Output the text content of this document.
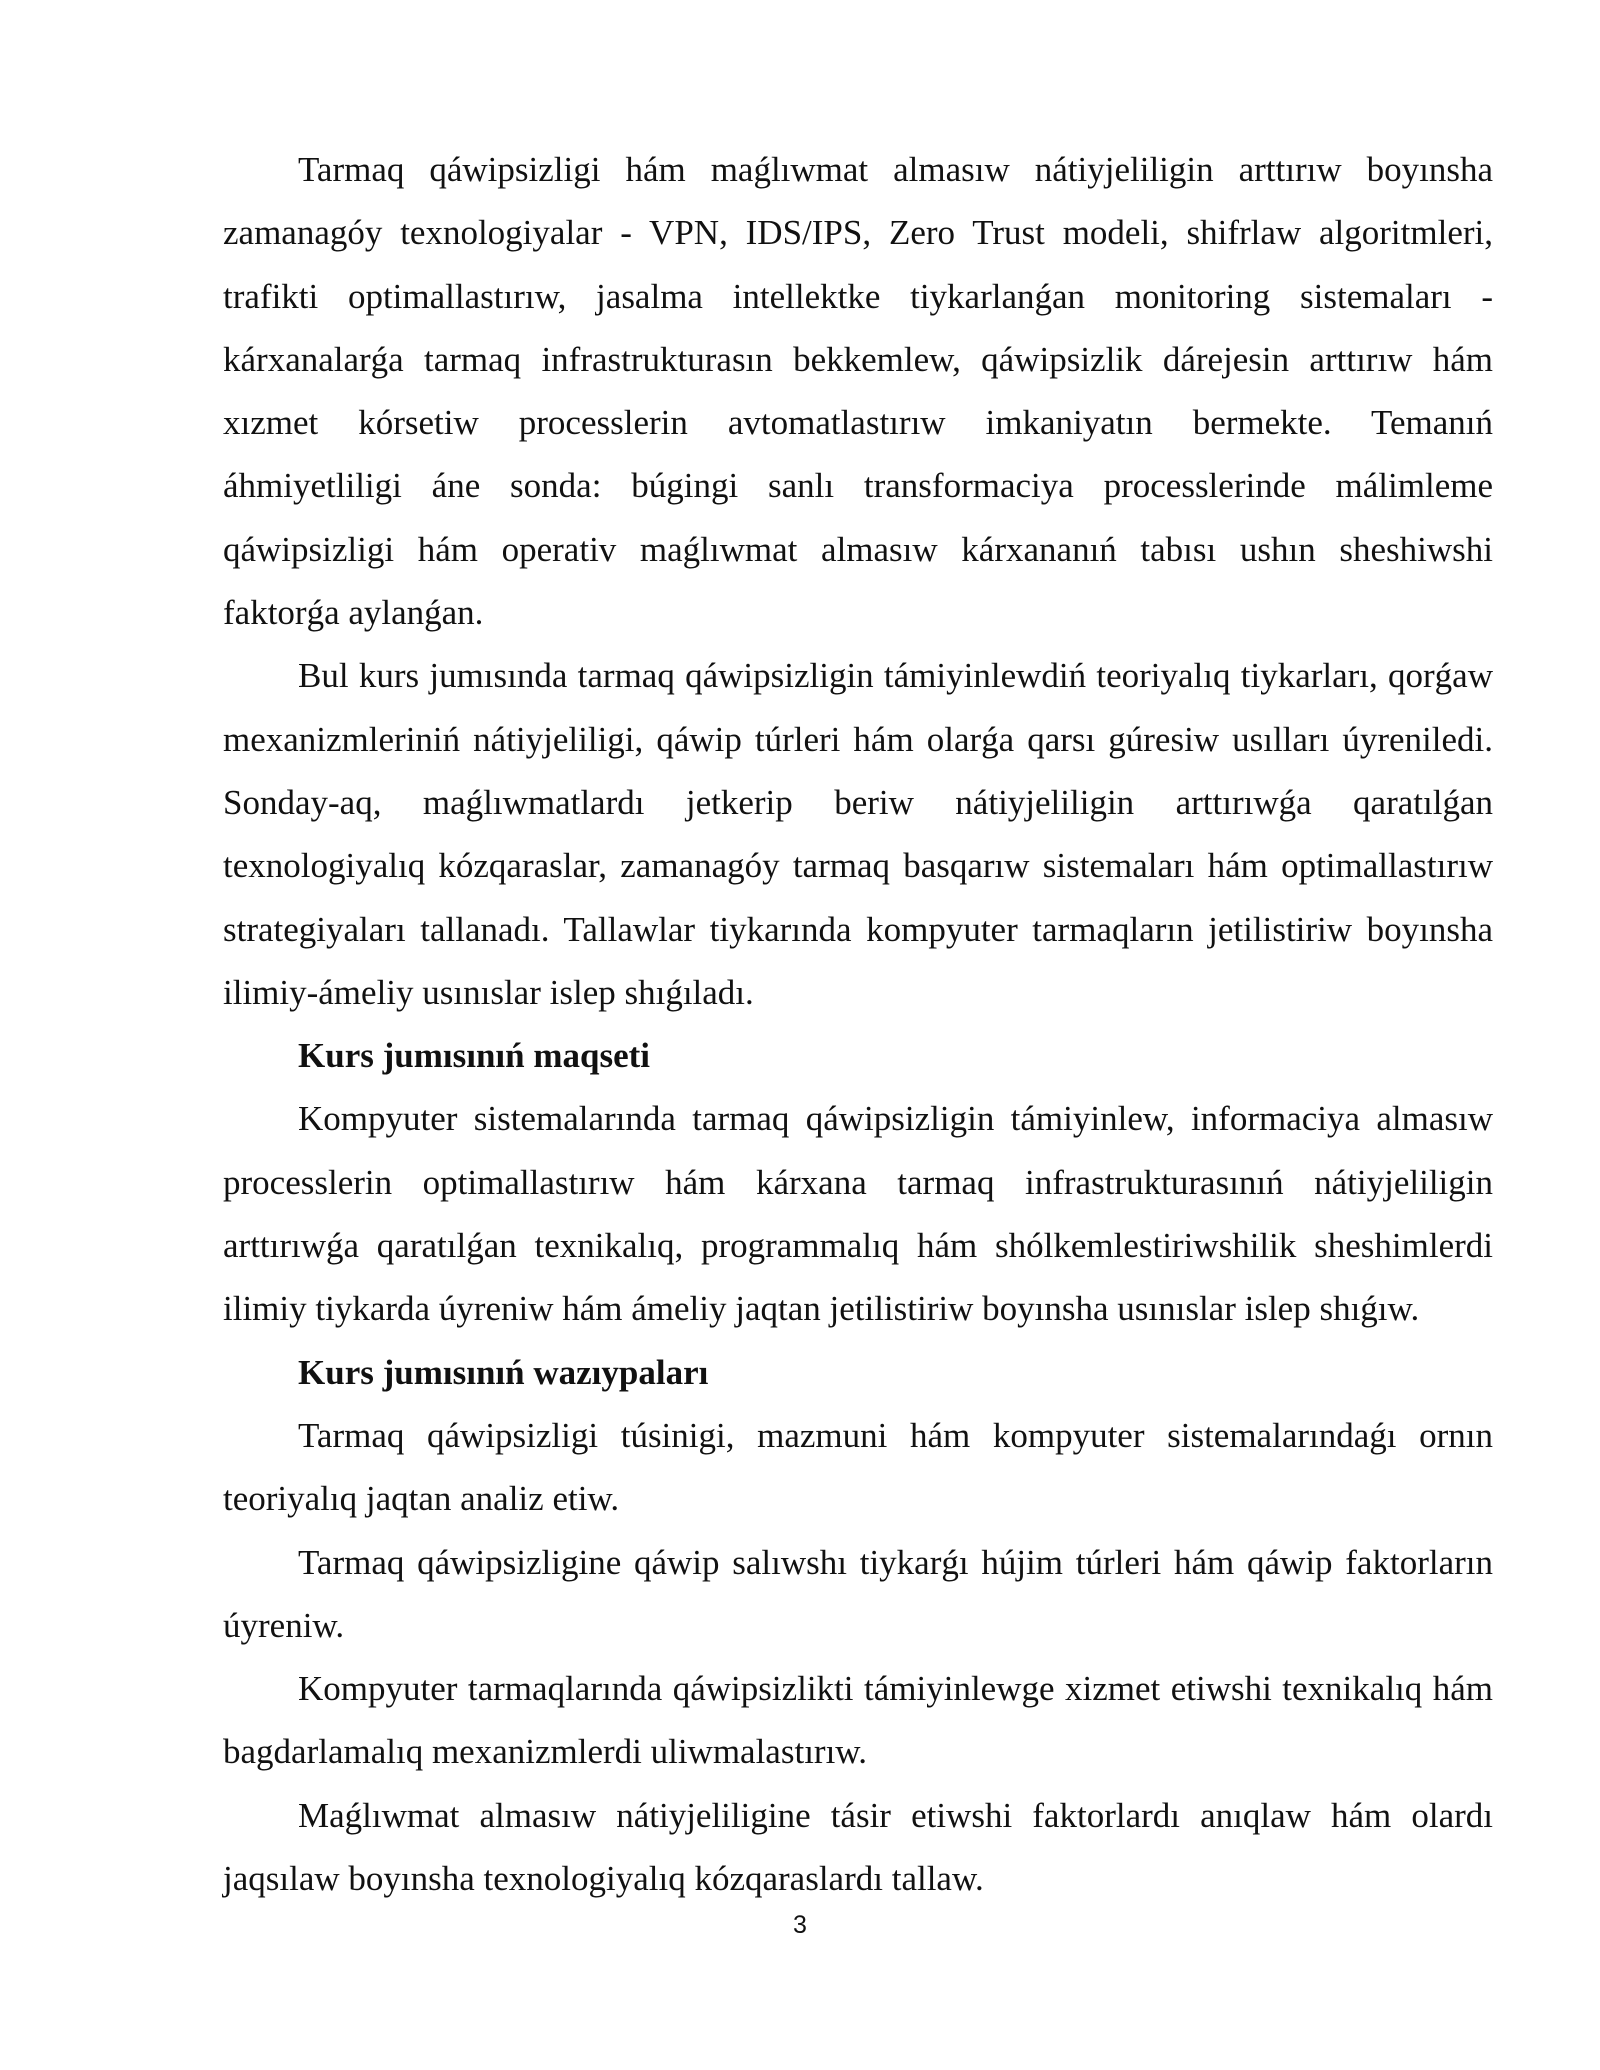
Tarmaq qáwipsizligi hám maǵlıwmat almasıw nátiyjeliligin arttırıw boyınsha zamanagóy texnologiyalar - VPN, IDS/IPS, Zero Trust modeli, shifrlaw algoritmleri, trafikti optimallastırıw, jasalma intellektke tiykarlanǵan monitoring sistemaları - kárxanalarǵa tarmaq infrastrukturasın bekkemlew, qáwipsizlik dárejesin arttırıw hám xızmet kórsetiw processlerin avtomatlastırıw imkaniyatın bermekte. Temanıń áhmiyetliligi áne sonda: búgingi sanlı transformaciya processlerinde málimleme qáwipsizligi hám operativ maǵlıwmat almasıw kárxananıń tabısı ushın sheshiwshi faktorǵa aylanǵan.

Bul kurs jumısında tarmaq qáwipsizligin támiyinlewdiń teoriyalıq tiykarları, qorǵaw mexanizmleriniń nátiyjeliligi, qáwip túrleri hám olarǵa qarsı gúresiw usılları úyreniledi. Sonday-aq, maǵlıwmatlardı jetkerip beriw nátiyjeliligin arttırıwǵa qaratılǵan texnologiyalıq kózqaraslar, zamanagóy tarmaq basqarıw sistemaları hám optimallastırıw strategiyaları tallanadı. Tallawlar tiykarında kompyuter tarmaqların jetilistiriw boyınsha ilimiy-ámeliy usınıslar islep shıǵıladı.

Kurs jumısınıń maqseti

Kompyuter sistemalarında tarmaq qáwipsizligin támiyinlew, informaciya almasıw processlerin optimallastırıw hám kárxana tarmaq infrastrukturasınıń nátiyjeliligin arttırıwǵa qaratılǵan texnikalıq, programmalıq hám shólkemlestiriwshilik sheshimlerdi ilimiy tiykarda úyreniw hám ámeliy jaqtan jetilistiriw boyınsha usınıslar islep shıǵıw.

Kurs jumısınıń wazıypaları

Tarmaq qáwipsizligi túsinigi, mazmuni hám kompyuter sistemalarındaǵı ornın teoriyalıq jaqtan analiz etiw.

Tarmaq qáwipsizligine qáwip salıwshı tiykarǵı hújim túrleri hám qáwip faktorların úyreniw.

Kompyuter tarmaqlarında qáwipsizlikti támiyinlewge xizmet etiwshi texnikalıq hám bagdarlamalıq mexanizmlerdi uliwmalastırıw.

Maǵlıwmat almasıw nátiyjeliligine tásir etiwshi faktorlardı anıqlaw hám olardı jaqsılaw boyınsha texnologiyalıq kózqaraslardı tallaw.

3
